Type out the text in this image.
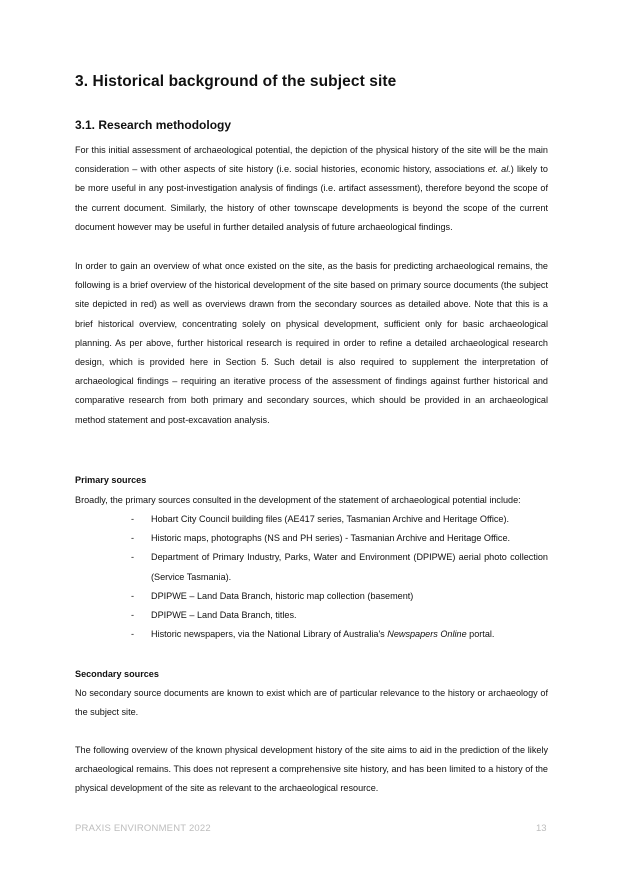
3. Historical background of the subject site
3.1. Research methodology

For this initial assessment of archaeological potential, the depiction of the physical history of the site will be the main consideration – with other aspects of site history (i.e. social histories, economic history, associations et. al.) likely to be more useful in any post-investigation analysis of findings (i.e. artifact assessment), therefore beyond the scope of the current document. Similarly, the history of other townscape developments is beyond the scope of the current document however may be useful in further detailed analysis of future archaeological findings.

In order to gain an overview of what once existed on the site, as the basis for predicting archaeological remains, the following is a brief overview of the historical development of the site based on primary source documents (the subject site depicted in red) as well as overviews drawn from the secondary sources as detailed above. Note that this is a brief historical overview, concentrating solely on physical development, sufficient only for basic archaeological planning. As per above, further historical research is required in order to refine a detailed archaeological research design, which is provided here in Section 5. Such detail is also required to supplement the interpretation of archaeological findings – requiring an iterative process of the assessment of findings against further historical and comparative research from both primary and secondary sources, which should be provided in an archaeological method statement and post-excavation analysis.

Primary sources

Broadly, the primary sources consulted in the development of the statement of archaeological potential include:

- Hobart City Council building files (AE417 series, Tasmanian Archive and Heritage Office).
- Historic maps, photographs (NS and PH series) - Tasmanian Archive and Heritage Office.
- Department of Primary Industry, Parks, Water and Environment (DPIPWE) aerial photo collection (Service Tasmania).
- DPIPWE – Land Data Branch, historic map collection (basement)
- DPIPWE – Land Data Branch, titles.
- Historic newspapers, via the National Library of Australia's Newspapers Online portal.

Secondary sources

No secondary source documents are known to exist which are of particular relevance to the history or archaeology of the subject site.

The following overview of the known physical development history of the site aims to aid in the prediction of the likely archaeological remains. This does not represent a comprehensive site history, and has been limited to a history of the physical development of the site as relevant to the archaeological resource.

PRAXIS ENVIRONMENT 2022	13
